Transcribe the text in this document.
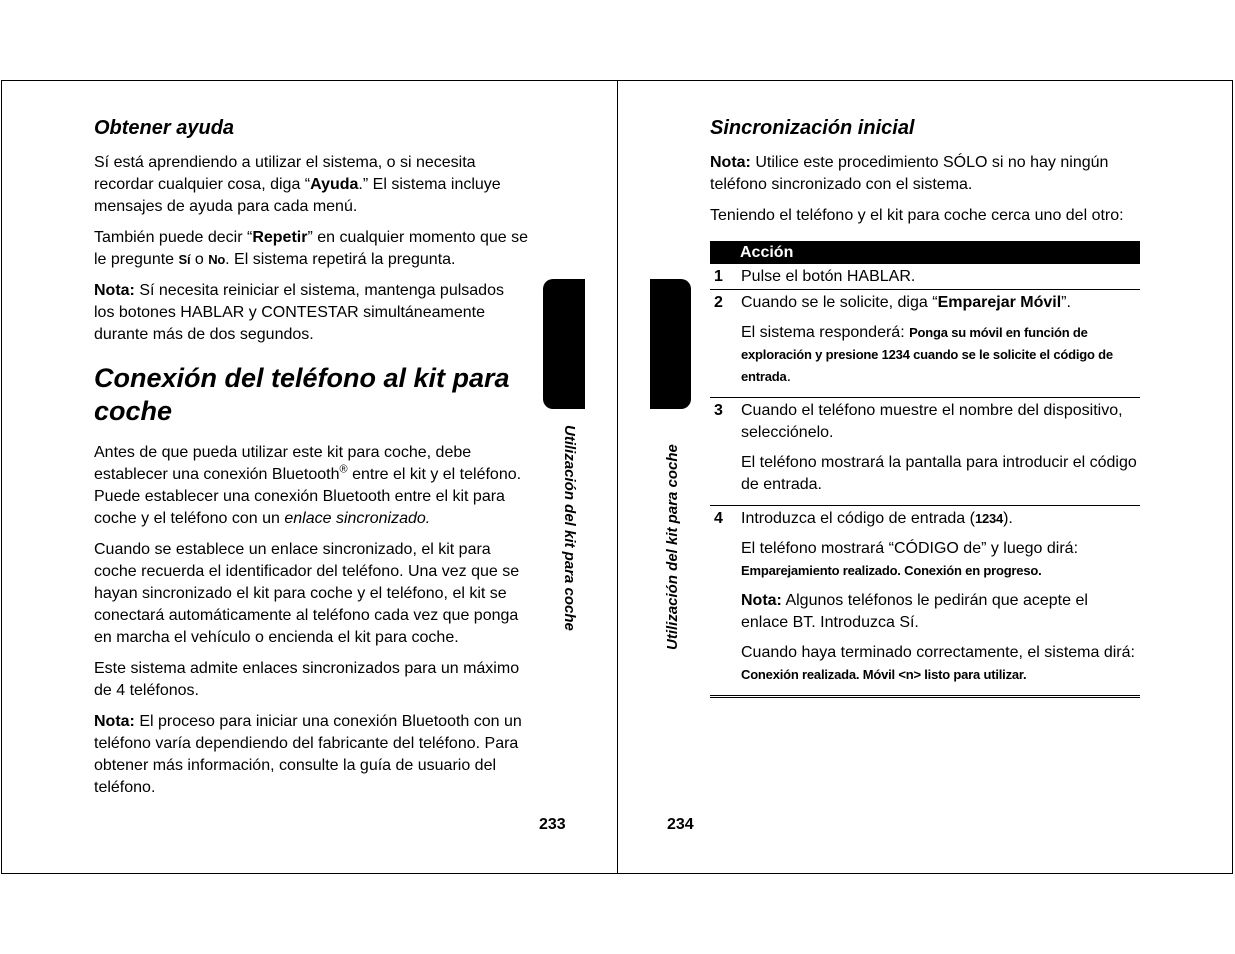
Obtener ayuda

Sí está aprendiendo a utilizar el sistema, o si necesita recordar cualquier cosa, diga “Ayuda.” El sistema incluye mensajes de ayuda para cada menú.

También puede decir “Repetir” en cualquier momento que se le pregunte Sí o No. El sistema repetirá la pregunta.

Nota: Sí necesita reiniciar el sistema, mantenga pulsados los botones HABLAR y CONTESTAR simultáneamente durante más de dos segundos.

Conexión del teléfono al kit para coche

Antes de que pueda utilizar este kit para coche, debe establecer una conexión Bluetooth® entre el kit y el teléfono. Puede establecer una conexión Bluetooth entre el kit para coche y el teléfono con un enlace sincronizado.

Cuando se establece un enlace sincronizado, el kit para coche recuerda el identificador del teléfono. Una vez que se hayan sincronizado el kit para coche y el teléfono, el kit se conectará automáticamente al teléfono cada vez que ponga en marcha el vehículo o encienda el kit para coche.

Este sistema admite enlaces sincronizados para un máximo de 4 teléfonos.

Nota: El proceso para iniciar una conexión Bluetooth con un teléfono varía dependiendo del fabricante del teléfono. Para obtener más información, consulte la guía de usuario del teléfono.

Utilización del kit para coche
233
Utilización del kit para coche
234
Sincronización inicial

Nota: Utilice este procedimiento SÓLO si no hay ningún teléfono sincronizado con el sistema.

Teniendo el teléfono y el kit para coche cerca uno del otro:

Acción	
1	Pulse el botón HABLAR.

2	Cuando se le solicite, diga “Emparejar Móvil”.

El sistema responderá: Ponga su móvil en función de exploración y presione 1234 cuando se le solicite el código de entrada.

3	Cuando el teléfono muestre el nombre del dispositivo, selecciónelo.

El teléfono mostrará la pantalla para introducir el código de entrada.

4	Introduzca el código de entrada (1234).

El teléfono mostrará “CÓDIGO de” y luego dirá: Emparejamiento realizado. Conexión en progreso.

Nota: Algunos teléfonos le pedirán que acepte el enlace BT. Introduzca Sí.

Cuando haya terminado correctamente, el sistema dirá: Conexión realizada. Móvil <n> listo para utilizar.
